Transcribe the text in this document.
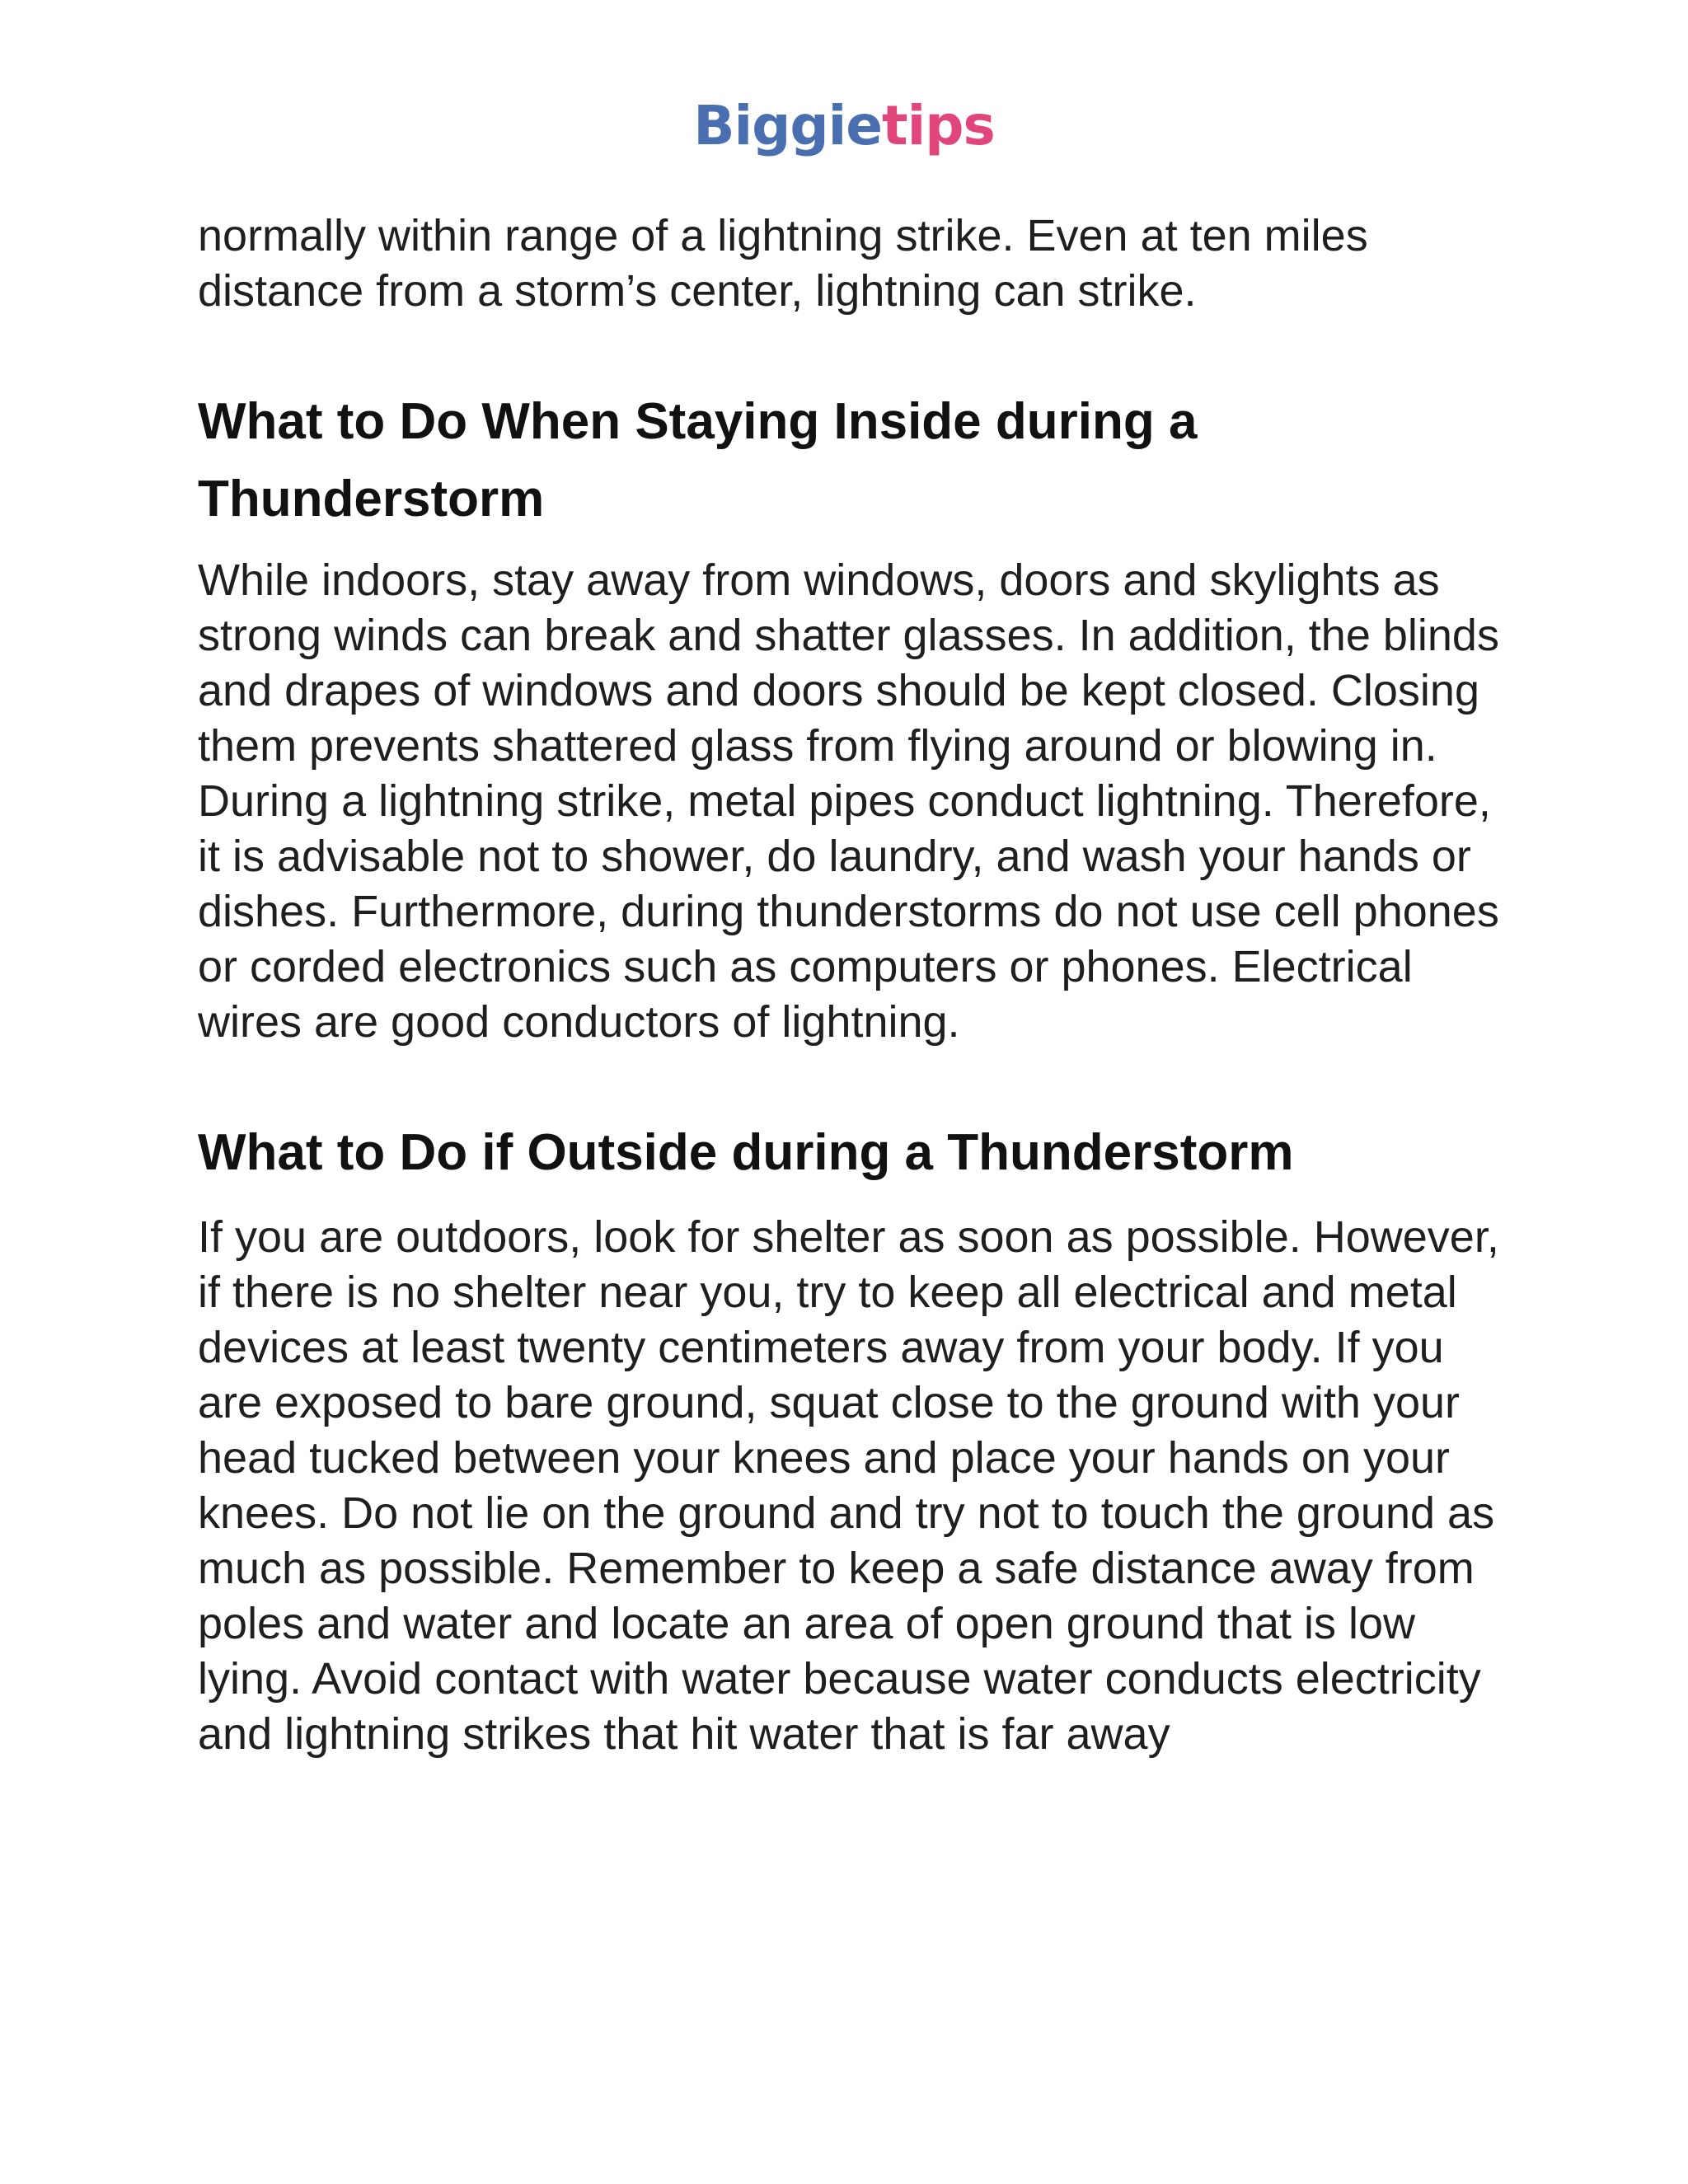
Biggietips

normally within range of a lightning strike. Even at ten miles distance from a storm’s center, lightning can strike.

What to Do When Staying Inside during a Thunderstorm

While indoors, stay away from windows, doors and skylights as strong winds can break and shatter glasses. In addition, the blinds and drapes of windows and doors should be kept closed. Closing them prevents shattered glass from flying around or blowing in. During a lightning strike, metal pipes conduct lightning. Therefore, it is advisable not to shower, do laundry, and wash your hands or dishes. Furthermore, during thunderstorms do not use cell phones or corded electronics such as computers or phones. Electrical wires are good conductors of lightning.

What to Do if Outside during a Thunderstorm

If you are outdoors, look for shelter as soon as possible. However, if there is no shelter near you, try to keep all electrical and metal devices at least twenty centimeters away from your body. If you are exposed to bare ground, squat close to the ground with your head tucked between your knees and place your hands on your knees. Do not lie on the ground and try not to touch the ground as much as possible. Remember to keep a safe distance away from poles and water and locate an area of open ground that is low lying. Avoid contact with water because water conducts electricity and lightning strikes that hit water that is far away
